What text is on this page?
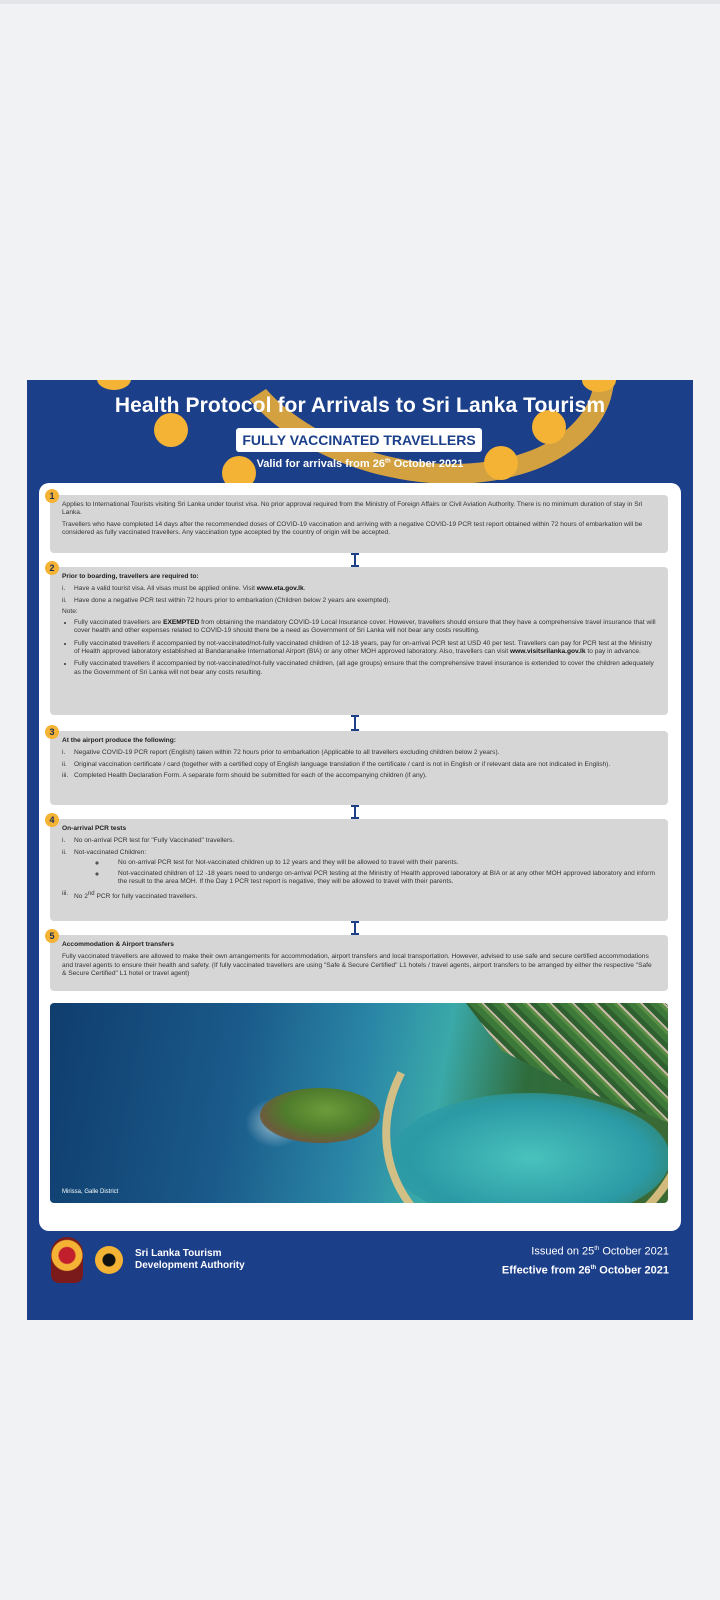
Health Protocol for Arrivals to Sri Lanka Tourism
FULLY VACCINATED TRAVELLERS
Valid for arrivals from 26th October 2021
1

Applies to International Tourists visiting Sri Lanka under tourist visa. No prior approval required from the Ministry of Foreign Affairs or Civil Aviation Authority. There is no minimum duration of stay in Sri Lanka.

Travellers who have completed 14 days after the recommended doses of COVID-19 vaccination and arriving with a negative COVID-19 PCR test report obtained within 72 hours of embarkation will be considered as fully vaccinated travellers. Any vaccination type accepted by the country of origin will be accepted.

2

Prior to boarding, travellers are required to:

i. Have a valid tourist visa. All visas must be applied online. Visit www.eta.gov.lk.
ii. Have done a negative PCR test within 72 hours prior to embarkation (Children below 2 years are exempted).

Note:

• Fully vaccinated travellers are EXEMPTED from obtaining the mandatory COVID-19 Local Insurance cover. However, travellers should ensure that they have a comprehensive travel insurance that will cover health and other expenses related to COVID-19 should there be a need as Government of Sri Lanka will not bear any costs resulting.
• Fully vaccinated travellers if accompanied by not-vaccinated/not-fully vaccinated children of 12-18 years, pay for on-arrival PCR test at USD 40 per test. Travellers can pay for PCR test at the Ministry of Health approved laboratory established at Bandaranaike International Airport (BIA) or any other MOH approved laboratory. Also, travellers can visit www.visitsrilanka.gov.lk to pay in advance.
• Fully vaccinated travellers if accompanied by not-vaccinated/not-fully vaccinated children, (all age groups) ensure that the comprehensive travel insurance is extended to cover the children adequately as the Government of Sri Lanka will not bear any costs resulting.
3

At the airport produce the following:

i. Negative COVID-19 PCR report (English) taken within 72 hours prior to embarkation (Applicable to all travellers excluding children below 2 years).
ii. Original vaccination certificate / card (together with a certified copy of English language translation if the certificate / card is not in English or if relevant data are not indicated in English).
iii. Completed Health Declaration Form. A separate form should be submitted for each of the accompanying children (if any).
4

On-arrival PCR tests

i. No on-arrival PCR test for "Fully Vaccinated" travellers.
ii. Not-vaccinated Children:
◦ No on-arrival PCR test for Not-vaccinated children up to 12 years and they will be allowed to travel with their parents.
◦ Not-vaccinated children of 12 -18 years need to undergo on-arrival PCR testing at the Ministry of Health approved laboratory at BIA or at any other MOH approved laboratory and inform the result to the area MOH. If the Day 1 PCR test report is negative, they will be allowed to travel with their parents.
iii. No 2nd PCR for fully vaccinated travellers.
5

Accommodation & Airport transfers

Fully vaccinated travellers are allowed to make their own arrangements for accommodation, airport transfers and local transportation. However, advised to use safe and secure certified accommodations and travel agents to ensure their health and safety. (If fully vaccinated travellers are using "Safe & Secure Certified" L1 hotels / travel agents, airport transfers to be arranged by either the respective "Safe & Secure Certified" L1 hotel or travel agent)

Mirissa, Galle District
Sri Lanka Tourism
Development Authority
Issued on 25th October 2021
Effective from 26th October 2021
